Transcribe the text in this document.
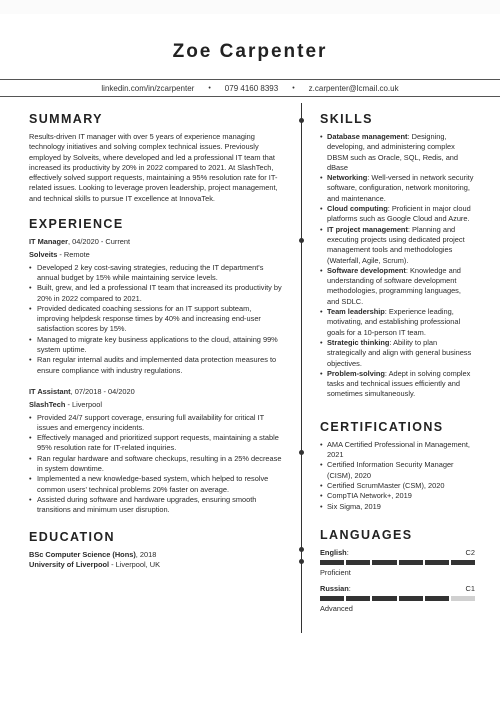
Zoe Carpenter
linkedin.com/in/zcarpenter • 079 4160 8393 • z.carpenter@lcmail.co.uk
SUMMARY

Results-driven IT manager with over 5 years of experience managing technology initiatives and solving complex technical issues. Previously employed by Solveits, where developed and led a professional IT team that increased its productivity by 20% in 2022 compared to 2021. At SlashTech, effectively solved support requests, maintaining a 95% resolution rate for IT-related issues. Looking to leverage proven leadership, project management, and technical skills to pursue IT excellence at InnovaTek.

EXPERIENCE
IT Manager, 04/2020 - Current
Solveits - Remote
• Developed 2 key cost-saving strategies, reducing the IT department's annual budget by 15% while maintaining service levels.
• Built, grew, and led a professional IT team that increased its productivity by 20% in 2022 compared to 2021.
• Provided dedicated coaching sessions for an IT support subteam, improving helpdesk response times by 40% and increasing end-user satisfaction scores by 15%.
• Managed to migrate key business applications to the cloud, attaining 99% system uptime.
• Ran regular internal audits and implemented data protection measures to ensure compliance with industry regulations.
IT Assistant, 07/2018 - 04/2020
SlashTech - Liverpool
• Provided 24/7 support coverage, ensuring full availability for critical IT issues and emergency incidents.
• Effectively managed and prioritized support requests, maintaining a stable 95% resolution rate for IT-related inquiries.
• Ran regular hardware and software checkups, resulting in a 25% decrease in system downtime.
• Implemented a new knowledge-based system, which helped to resolve common users' technical problems 20% faster on average.
• Assisted during software and hardware upgrades, ensuring smooth transitions and minimum user disruption.
EDUCATION
BSc Computer Science (Hons), 2018
University of Liverpool - Liverpool, UK
SKILLS
• Database management: Designing, developing, and administering complex DBSM such as Oracle, SQL, Redis, and dBase
• Networking: Well-versed in network security software, configuration, network monitoring, and maintenance.
• Cloud computing: Proficient in major cloud platforms such as Google Cloud and Azure.
• IT project management: Planning and executing projects using dedicated project management tools and methodologies (Waterfall, Agile, Scrum).
• Software development: Knowledge and understanding of software development methodologies, programming languages, and SDLC.
• Team leadership: Experience leading, motivating, and establishing professional goals for a 10-person IT team.
• Strategic thinking: Ability to plan strategically and align with general business objectives.
• Problem-solving: Adept in solving complex tasks and technical issues efficiently and sometimes simultaneously.
CERTIFICATIONS
• AMA Certified Professional in Management, 2021
• Certified Information Security Manager (CISM), 2020
• Certified ScrumMaster (CSM), 2020
• CompTIA Network+, 2019
• Six Sigma, 2019
LANGUAGES
English:	C2
Proficient
Russian:	C1
Advanced
